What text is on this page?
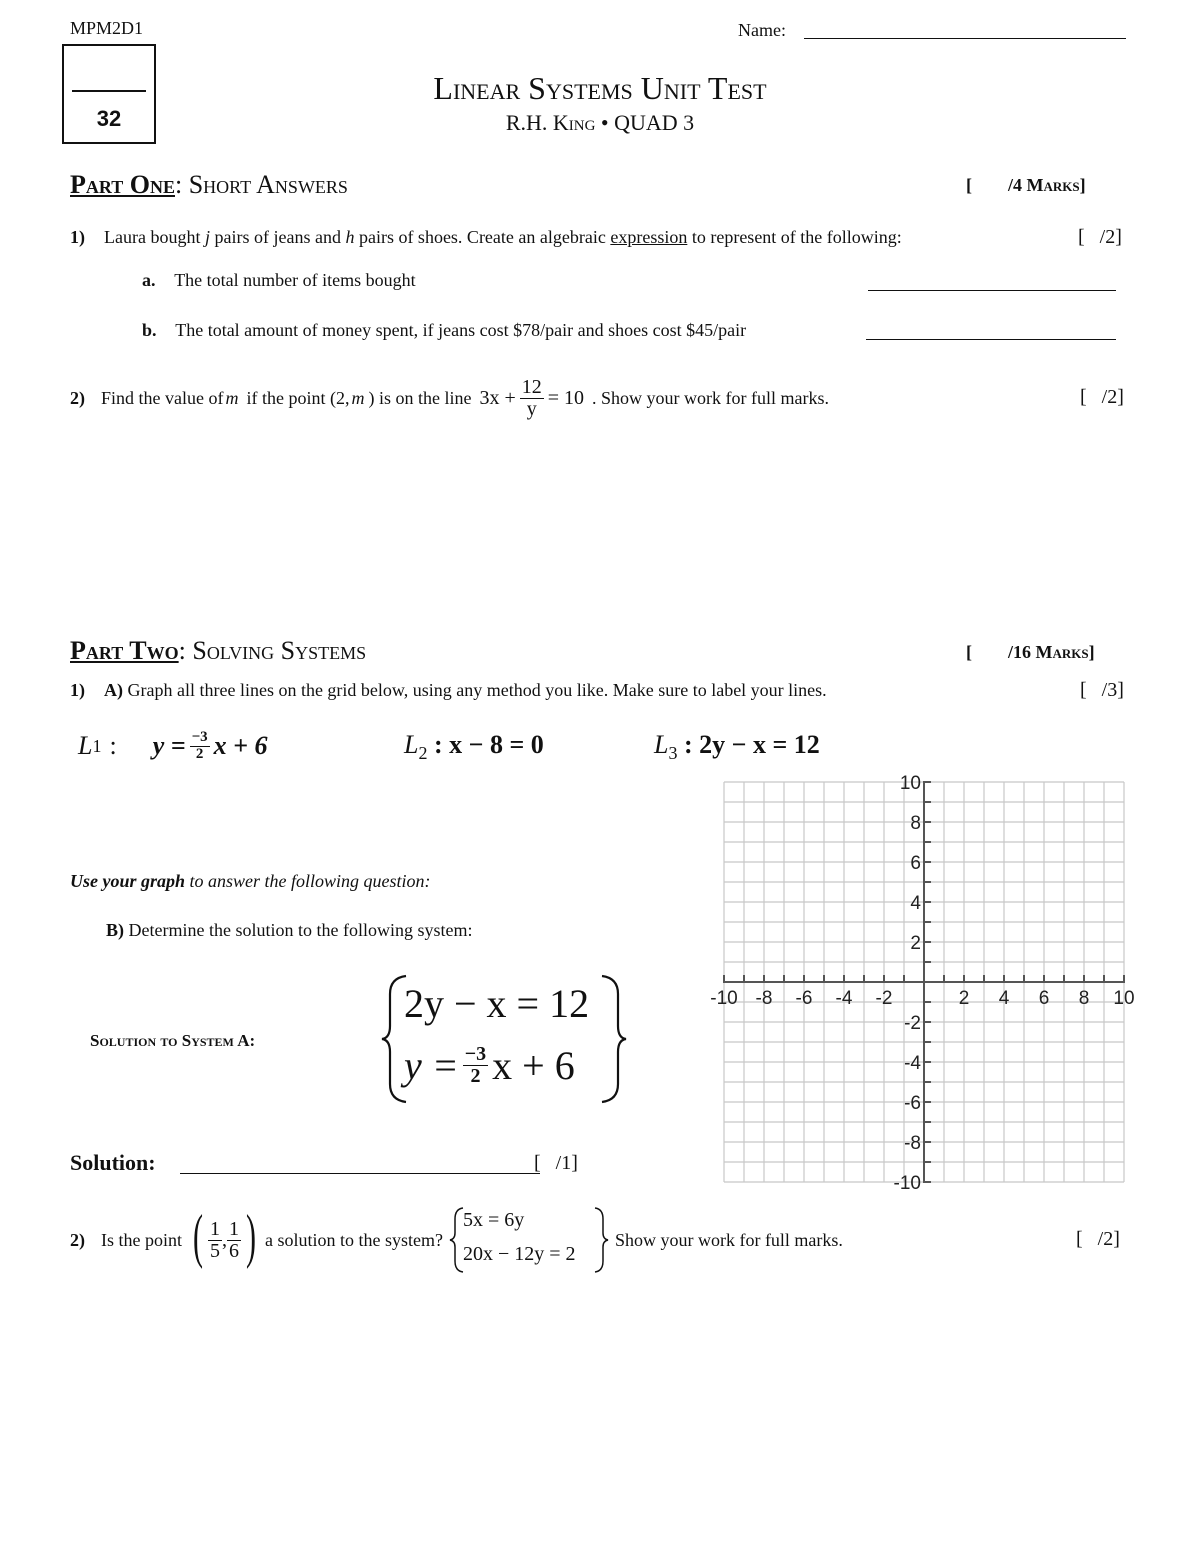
MPM2D1	Name:
32
Linear Systems Unit Test
R.H. King • QUAD 3
Part One: Short Answers	[        /4 Marks]
1) Laura bought j pairs of jeans and h pairs of shoes. Create an algebraic expression to represent of the following:	[   /2]
a. The total number of items bought
b. The total amount of money spent, if jeans cost $78/pair and shoes cost $45/pair
2) Find the value of m if the point (2, m ) is on the line $3x + \frac{12}{y} = 10$ . Show your work for full marks.	[   /2]
Part Two: Solving Systems	[        /16 Marks]
1) A) Graph all three lines on the grid below, using any method you like. Make sure to label your lines.	[   /3]
L 1 : $y = \frac{-3}{2}$ x + 6	$L_2$ : x − 8 = 0	$L_3$ : 2y − x = 12
Use your graph to answer the following question:
B) Determine the solution to the following system:
Solution to System A:
2y − x = 12
$y = \frac{-3}{2}$ x + 6
Solution:	[   /1]
-10 -8 -6 -4 -2	2 4 6 8 10
10
8
6
4
2
-2
-4
-6
-8
-10
2) Is the point ( $\frac{1}{5}$ , $\frac{1}{6}$ ) a solution to the system?
5x = 6y
20x − 12y = 2
Show your work for full marks.	[   /2]
